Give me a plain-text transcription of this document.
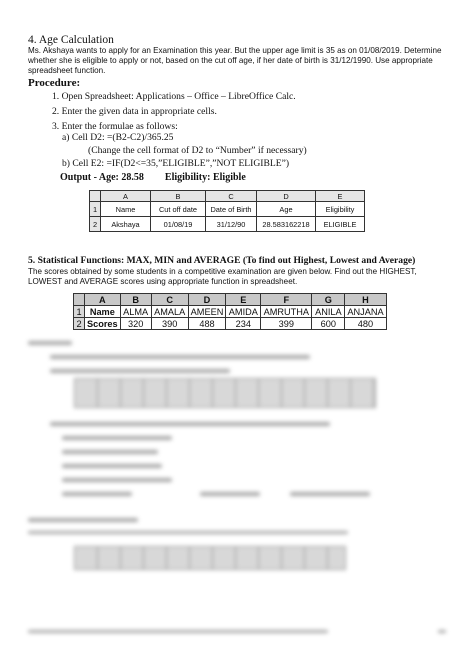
4. Age Calculation
Ms. Akshaya wants to apply for an Examination this year. But the upper age limit is 35 as on 01/08/2019. Determine
whether she is eligible to apply or not, based on the cut off age, if her date of birth is 31/12/1990. Use appropriate
spreadsheet function.
Procedure:
1. Open Spreadsheet: Applications – Office – LibreOffice Calc.
2. Enter the given data in appropriate cells.
3. Enter the formulae as follows:
a) Cell D2: =(B2-C2)/365.25
(Change the cell format of D2 to “Number” if necessary)
b) Cell E2: =IF(D2<=35,”ELIGIBLE”,”NOT ELIGIBLE”)
Output - Age: 28.58 Eligibility: Eligible
	A	B	C	D	E
1	Name	Cut off date	Date of Birth	Age	Eligibility
2	Akshaya	01/08/19	31/12/90	28.583162218	ELIGIBLE
5. Statistical Functions: MAX, MIN and AVERAGE (To find out Highest, Lowest and Average)
The scores obtained by some students in a competitive examination are given below. Find out the HIGHEST,
LOWEST and AVERAGE scores using appropriate function in spreadsheet.
	A	B	C	D	E	F	G	H
1	Name	ALMA	AMALA	AMEEN	AMIDA	AMRUTHA	ANILA	ANJANA
2	Scores	320	390	488	234	399	600	480
